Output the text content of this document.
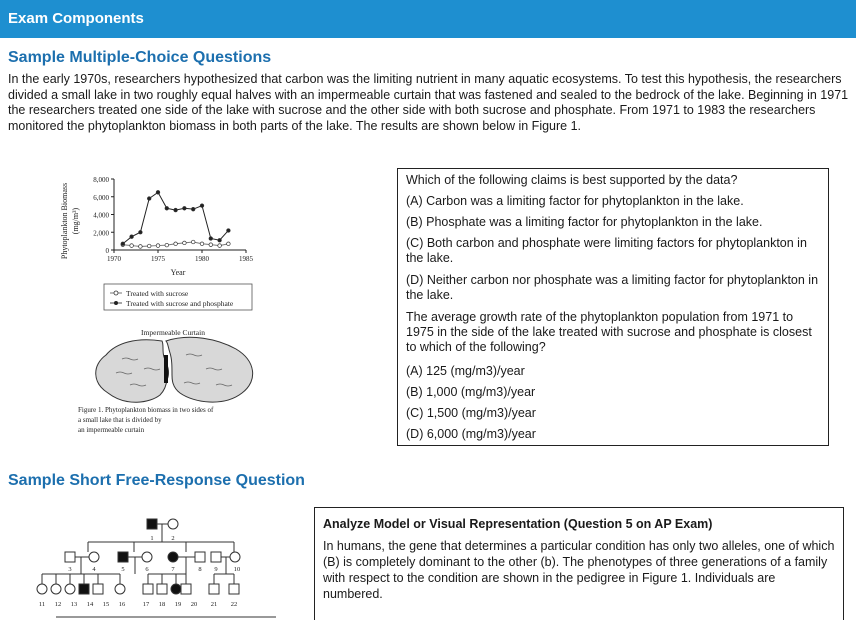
Exam Components
Sample Multiple-Choice Questions
In the early 1970s, researchers hypothesized that carbon was the limiting nutrient in many aquatic ecosystems. To test this hypothesis, the researchers divided a small lake in two roughly equal halves with an impermeable curtain that was fastened and sealed to the bedrock of the lake. Beginning in 1971 the researchers treated one side of the lake with sucrose and the other side with both sucrose and phosphate. From 1971 to 1983 the researchers monitored the phytoplankton biomass in both parts of the lake. The results are shown below in Figure 1.
Phytoplankton Biomass (mg/m³)
8,000
6,000
4,000
2,000
0
1970	1975	1980	1985
Year
Treated with sucrose
Treated with sucrose and phosphate
Impermeable Curtain
Figure 1. Phytoplankton biomass in two sides of a small lake that is divided by an impermeable curtain

Which of the following claims is best supported by the data?

(A) Carbon was a limiting factor for phytoplankton in the lake.

(B) Phosphate was a limiting factor for phytoplankton in the lake.

(C) Both carbon and phosphate were limiting factors for phytoplankton in the lake.

(D) Neither carbon nor phosphate was a limiting factor for phytoplankton in the lake.

The average growth rate of the phytoplankton population from 1971 to 1975 in the side of the lake treated with sucrose and phosphate is closest to which of the following?

(A) 125 (mg/m3)/year

(B) 1,000 (mg/m3)/year

(C) 1,500 (mg/m3)/year

(D) 6,000 (mg/m3)/year

Sample Short Free-Response Question
1	2
3	4	5	6	7	8 9 10
11 12 13 14 15 16	17 18 19 20 21 22
Analyze Model or Visual Representation (Question 5 on AP Exam)
In humans, the gene that determines a particular condition has only two alleles, one of which (B) is completely dominant to the other (b). The phenotypes of three generations of a family with respect to the condition are shown in the pedigree in Figure 1. Individuals are numbered.
